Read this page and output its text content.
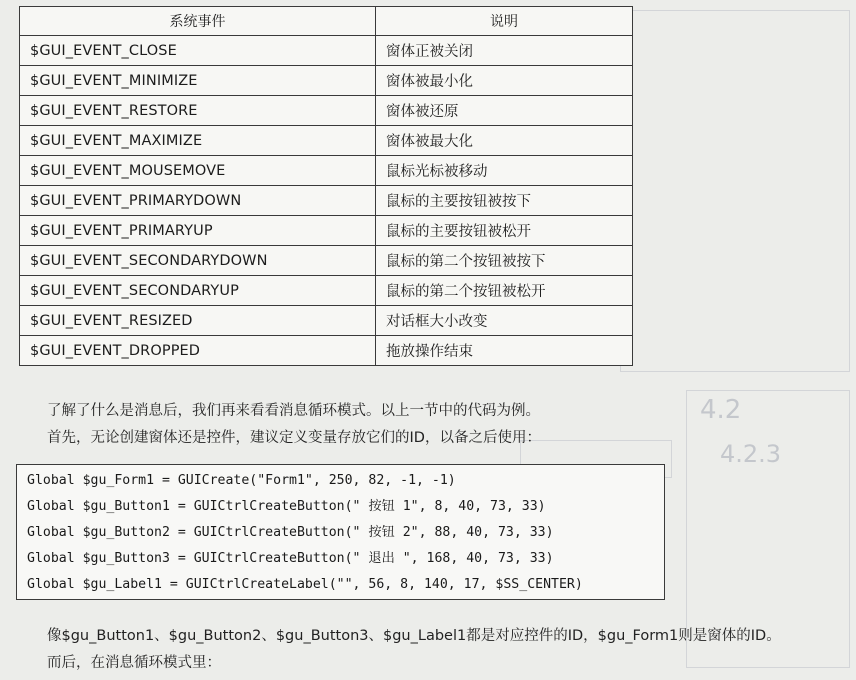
4.2
4.2.3
系统事件	说明
$GUI_EVENT_CLOSE	窗体正被关闭
$GUI_EVENT_MINIMIZE	窗体被最小化
$GUI_EVENT_RESTORE	窗体被还原
$GUI_EVENT_MAXIMIZE	窗体被最大化
$GUI_EVENT_MOUSEMOVE	鼠标光标被移动
$GUI_EVENT_PRIMARYDOWN	鼠标的主要按钮被按下
$GUI_EVENT_PRIMARYUP	鼠标的主要按钮被松开
$GUI_EVENT_SECONDARYDOWN	鼠标的第二个按钮被按下
$GUI_EVENT_SECONDARYUP	鼠标的第二个按钮被松开
$GUI_EVENT_RESIZED	对话框大小改变
$GUI_EVENT_DROPPED	拖放操作结束

了解了什么是消息后，我们再来看看消息循环模式。以上一节中的代码为例。

首先，无论创建窗体还是控件，建议定义变量存放它们的ID，以备之后使用：

Global $gu_Form1 = GUICreate("Form1", 250, 82, -1, -1)
Global $gu_Button1 = GUICtrlCreateButton(" 按钮 1", 8, 40, 73, 33)
Global $gu_Button2 = GUICtrlCreateButton(" 按钮 2", 88, 40, 73, 33)
Global $gu_Button3 = GUICtrlCreateButton(" 退出 ", 168, 40, 73, 33)
Global $gu_Label1 = GUICtrlCreateLabel("", 56, 8, 140, 17, $SS_CENTER)

像$gu_Button1、$gu_Button2、$gu_Button3、$gu_Label1都是对应控件的ID，$gu_Form1则是窗体的ID。

而后，在消息循环模式里：
